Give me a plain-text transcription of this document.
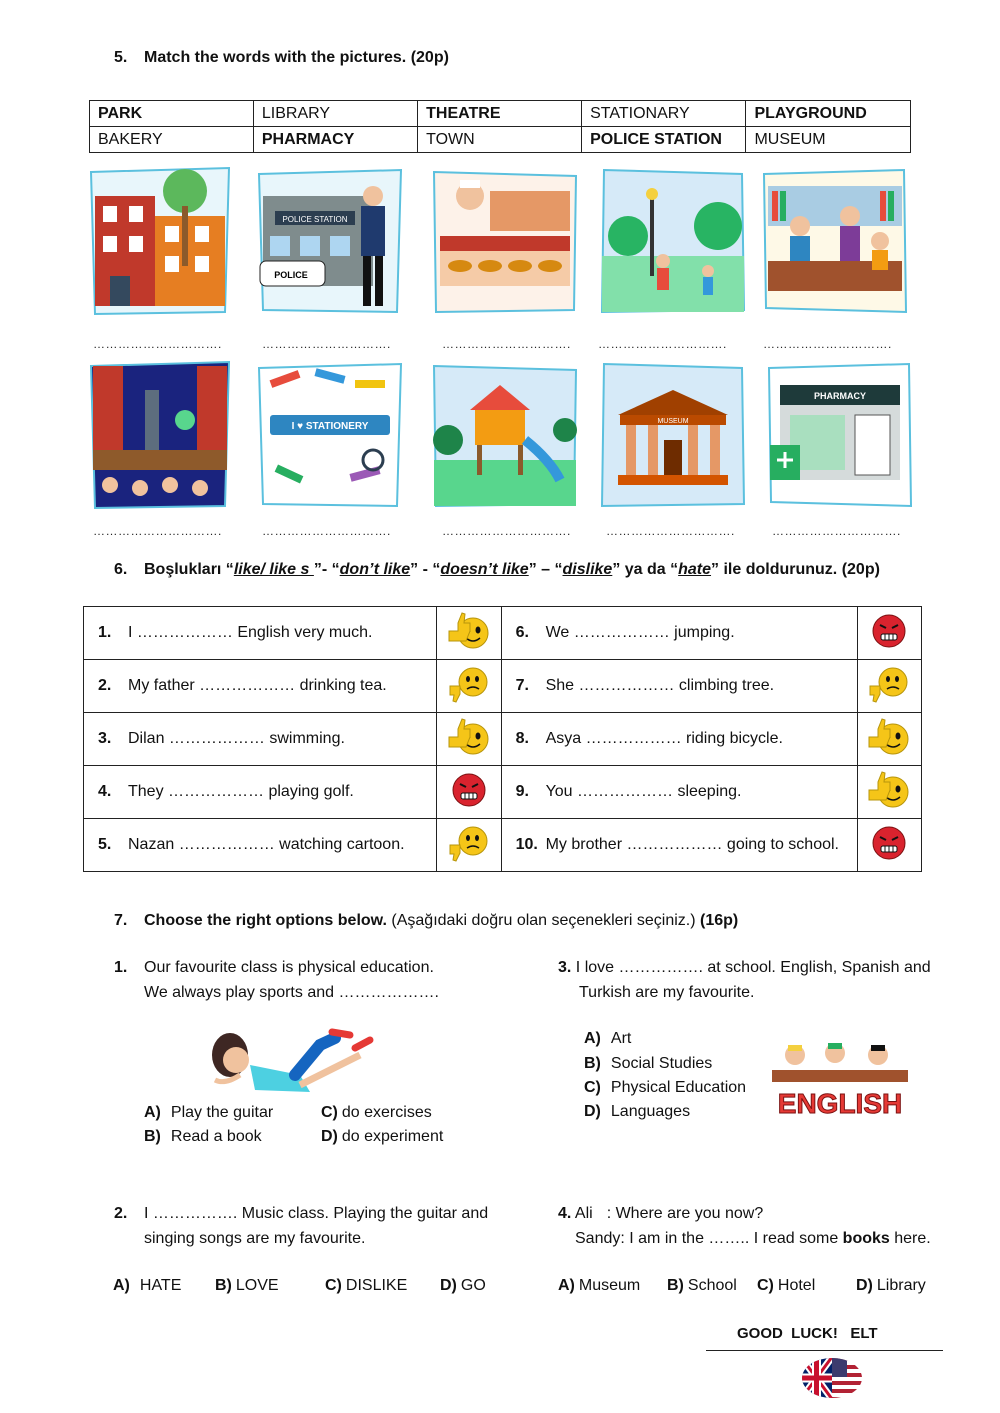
5. Match the words with the pictures. (20p)
PARK	LIBRARY	THEATRE	STATIONARY	PLAYGROUND
BAKERY	PHARMACY	TOWN	POLICE STATION	MUSEUM
POLICE STATION
POLICE
………………………….	………………………….	…………………………. ………………………….	………………………….
I ♥ STATIONERY	MUSEUM
PHARMACY
………………………….	………………………….	………………………….	………………………….	………………………….
6. Boşlukları “like/ like s ”- “don’t like” - “doesn’t like” – “dislike” ya da “hate” ile doldurunuz. (20p)
1. I ……………… English very much.		6. We ……………… jumping.	
2. My father ……………… drinking tea.		7. She ……………… climbing tree.	
3. Dilan ……………… swimming.		8. Asya ……………… riding bicycle.	
4. They ……………… playing golf.		9. You ……………… sleeping.	
5. Nazan ……………… watching cartoon.		10. My brother ……………… going to school.	
7. Choose the right options below. (Aşağıdaki doğru olan seçenekleri seçiniz.) (16p)
1. Our favourite class is physical education.
We always play sports and ……………….
A) Play the guitar	C) do exercises
B) Read a book	D) do experiment
3. I love ……………. at school. English, Spanish and
Turkish are my favourite.
A) Art
B) Social Studies
C) Physical Education
D) Languages	ENGLISH
2. I ……………. Music class. Playing the guitar and
singing songs are my favourite.
A) HATE B) LOVE	C) DISLIKE D) GO
4. Ali : Where are you now?
Sandy: I am in the …….. I read some books here.
A) Museum B) School C) Hotel	D) Library
GOOD  LUCK!   ELT
